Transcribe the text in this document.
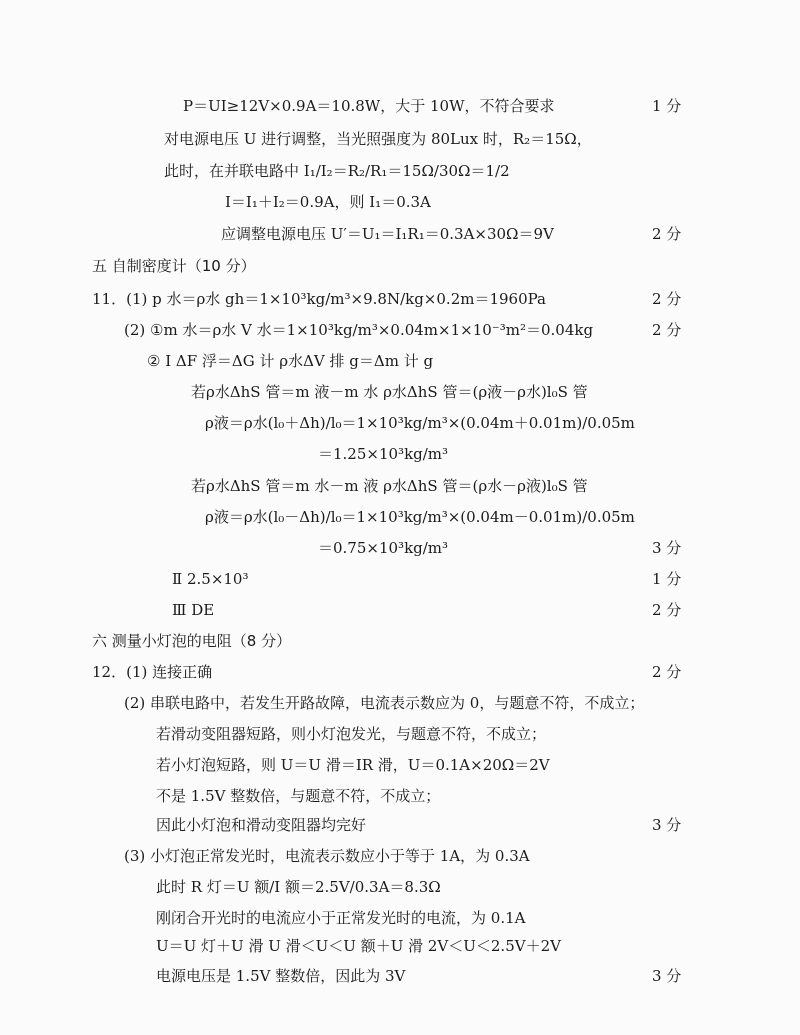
P＝UI≥12V×0.9A＝10.8W，大于 10W，不符合要求	1 分
对电源电压 U 进行调整，当光照强度为 80Lux 时，R₂＝15Ω，
此时，在并联电路中 I₁/I₂＝R₂/R₁＝15Ω/30Ω＝1/2
I＝I₁＋I₂＝0.9A，则 I₁＝0.3A
应调整电源电压 U′＝U₁＝I₁R₁＝0.3A×30Ω＝9V	2 分
五 自制密度计（10 分）
11．(1) p 水＝ρ水 gh＝1×10³kg/m³×9.8N/kg×0.2m＝1960Pa	2 分
(2) ①m 水＝ρ水 V 水＝1×10³kg/m³×0.04m×1×10⁻³m²＝0.04kg	2 分
② Ⅰ ΔF 浮＝ΔG 计 ρ水ΔV 排 g＝Δm 计 g
若ρ水ΔhS 管＝m 液－m 水 ρ水ΔhS 管＝(ρ液－ρ水)l₀S 管
ρ液＝ρ水(l₀＋Δh)/l₀＝1×10³kg/m³×(0.04m＋0.01m)/0.05m
＝1.25×10³kg/m³
若ρ水ΔhS 管＝m 水－m 液 ρ水ΔhS 管＝(ρ水－ρ液)l₀S 管
ρ液＝ρ水(l₀－Δh)/l₀＝1×10³kg/m³×(0.04m－0.01m)/0.05m
＝0.75×10³kg/m³	3 分
Ⅱ 2.5×10³	1 分
Ⅲ DE	2 分
六 测量小灯泡的电阻（8 分）
12．(1) 连接正确	2 分
(2) 串联电路中，若发生开路故障，电流表示数应为 0，与题意不符，不成立；
若滑动变阻器短路，则小灯泡发光，与题意不符，不成立；
若小灯泡短路，则 U＝U 滑＝IR 滑，U＝0.1A×20Ω＝2V
不是 1.5V 整数倍，与题意不符，不成立；
因此小灯泡和滑动变阻器均完好	3 分
(3) 小灯泡正常发光时，电流表示数应小于等于 1A，为 0.3A
此时 R 灯＝U 额/I 额＝2.5V/0.3A＝8.3Ω
刚闭合开光时的电流应小于正常发光时的电流，为 0.1A
U＝U 灯＋U 滑 U 滑＜U＜U 额＋U 滑 2V＜U＜2.5V＋2V
电源电压是 1.5V 整数倍，因此为 3V	3 分
